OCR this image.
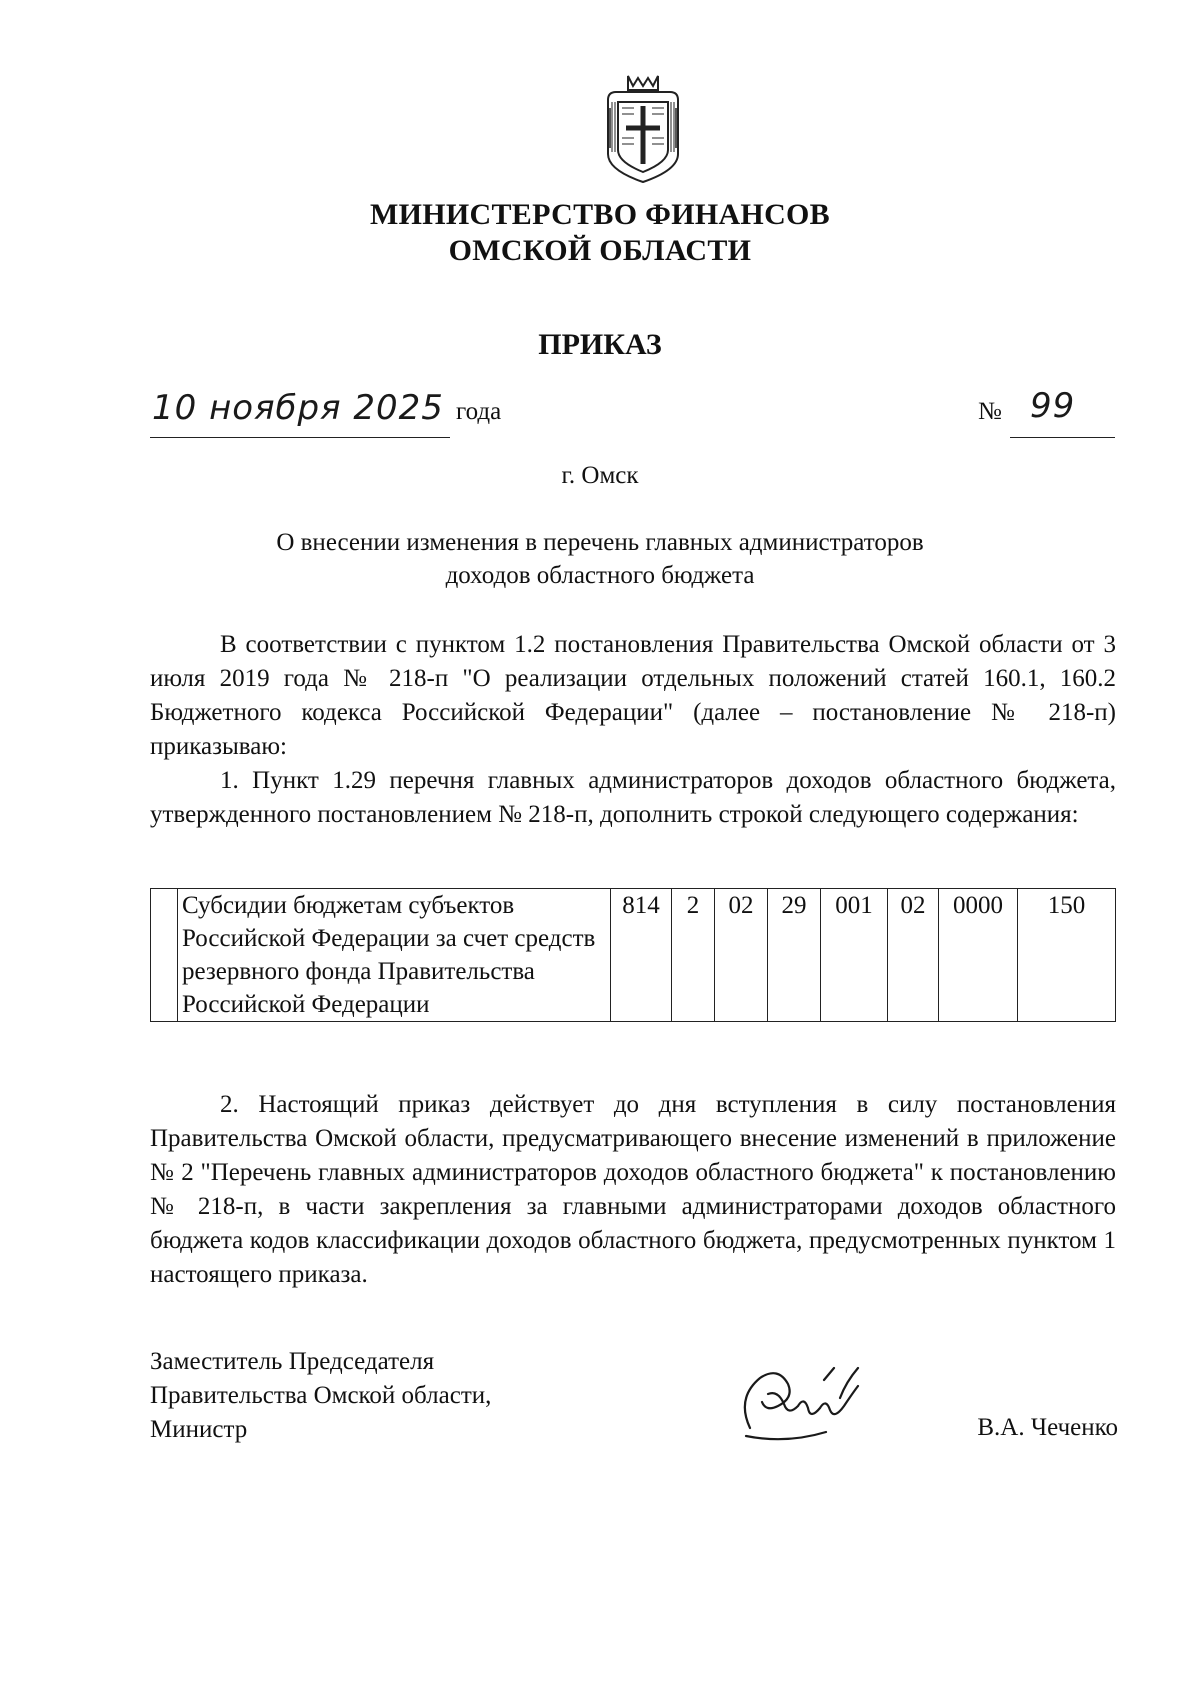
МИНИСТЕРСТВО ФИНАНСОВ
ОМСКОЙ ОБЛАСТИ
ПРИКАЗ
10 ноября 2025 года	№ 99
г. Омск
О внесении изменения в перечень главных администраторов
доходов областного бюджета
В соответствии с пунктом 1.2 постановления Правительства Омской области от 3 июля 2019 года № 218-п "О реализации отдельных положений статей 160.1, 160.2 Бюджетного кодекса Российской Федерации" (далее – постановление № 218-п) приказываю:
1. Пункт 1.29 перечня главных администраторов доходов областного бюджета, утвержденного постановлением № 218-п, дополнить строкой следующего содержания:
	Субсидии бюджетам субъектов Российской Федерации за счет средств резервного фонда Правительства Российской Федерации	814	2	02	29	001	02	0000	150
2. Настоящий приказ действует до дня вступления в силу постановления Правительства Омской области, предусматривающего внесение изменений в приложение № 2 "Перечень главных администраторов доходов областного бюджета" к постановлению № 218-п, в части закрепления за главными администраторами доходов областного бюджета кодов классификации доходов областного бюджета, предусмотренных пунктом 1 настоящего приказа.
Заместитель Председателя
Правительства Омской области,
Министр	В.А. Чеченко
